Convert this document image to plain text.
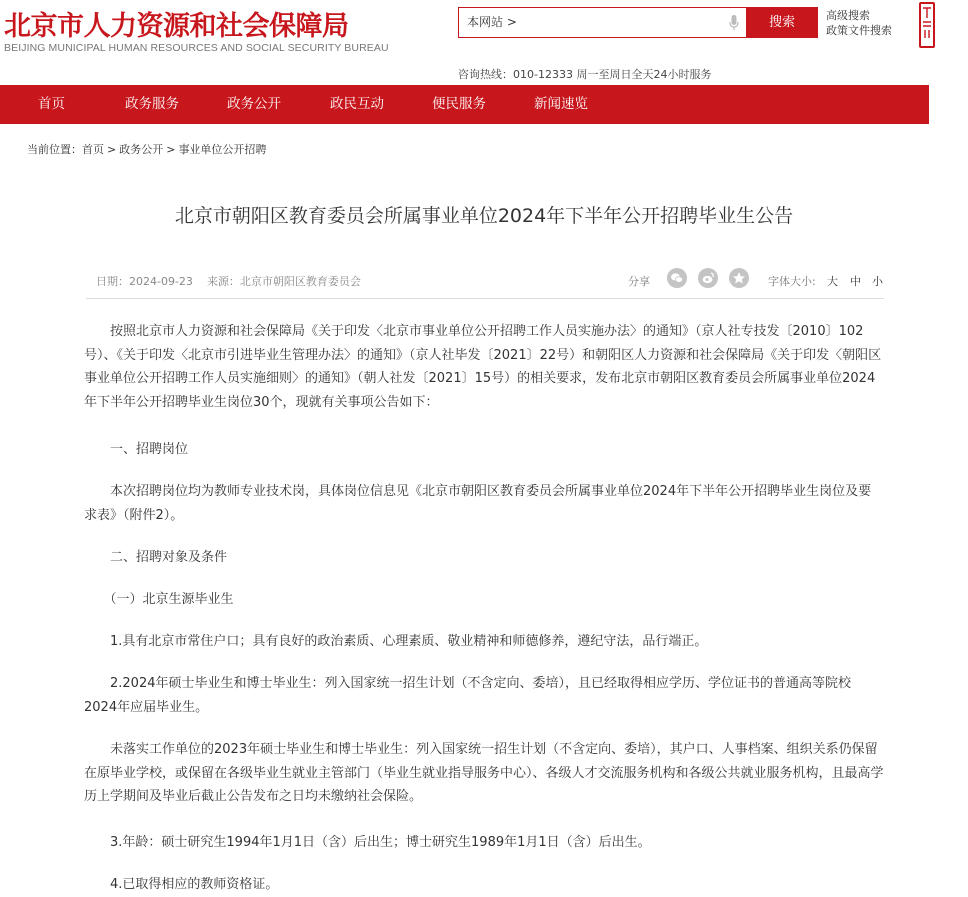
北京市人力资源和社会保障局
BEIJING MUNICIPAL HUMAN RESOURCES AND SOCIAL SECURITY BUREAU
本网站 >	搜索	高级搜索
政策文件搜索
咨询热线：010-12333 周一至周日全天24小时服务
首页	政务服务	政务公开	政民互动	便民服务	新闻速览
当前位置：首页 > 政务公开 > 事业单位公开招聘
北京市朝阳区教育委员会所属事业单位2024年下半年公开招聘毕业生公告
日期：2024-09-23 来源：北京市朝阳区教育委员会	分享	字体大小: 大 中 小
　　按照北京市人力资源和社会保障局《关于印发〈北京市事业单位公开招聘工作人员实施办法〉的通知》（京人社专技发〔2010〕102号）、《关于印发〈北京市引进毕业生管理办法〉的通知》（京人社毕发〔2021〕22号）和朝阳区人力资源和社会保障局《关于印发〈朝阳区事业单位公开招聘工作人员实施细则〉的通知》（朝人社发〔2021〕15号）的相关要求，发布北京市朝阳区教育委员会所属事业单位2024年下半年公开招聘毕业生岗位30个，现就有关事项公告如下：
　　一、招聘岗位
　　本次招聘岗位均为教师专业技术岗，具体岗位信息见《北京市朝阳区教育委员会所属事业单位2024年下半年公开招聘毕业生岗位及要求表》（附件2）。
　　二、招聘对象及条件
　　（一）北京生源毕业生
　　1.具有北京市常住户口；具有良好的政治素质、心理素质、敬业精神和师德修养，遵纪守法，品行端正。
　　2.2024年硕士毕业生和博士毕业生：列入国家统一招生计划（不含定向、委培），且已经取得相应学历、学位证书的普通高等院校2024年应届毕业生。
　　未落实工作单位的2023年硕士毕业生和博士毕业生：列入国家统一招生计划（不含定向、委培），其户口、人事档案、组织关系仍保留在原毕业学校，或保留在各级毕业生就业主管部门（毕业生就业指导服务中心）、各级人才交流服务机构和各级公共就业服务机构，且最高学历上学期间及毕业后截止公告发布之日均未缴纳社会保险。
　　3.年龄：硕士研究生1994年1月1日（含）后出生；博士研究生1989年1月1日（含）后出生。
　　4.已取得相应的教师资格证。
